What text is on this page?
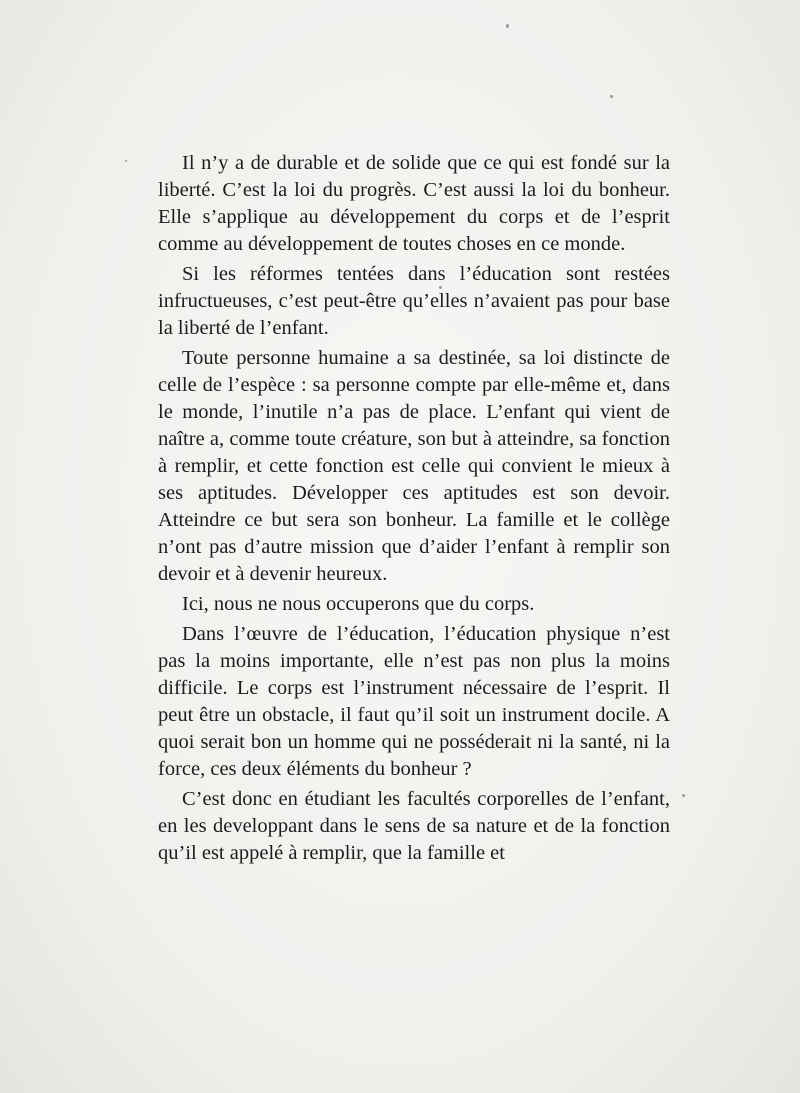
Il n’y a de durable et de solide que ce qui est fondé sur la liberté. C’est la loi du progrès. C’est aussi la loi du bonheur. Elle s’applique au développement du corps et de l’esprit comme au développement de toutes choses en ce monde.

Si les réformes tentées dans l’éducation sont restées infructueuses, c’est peut-être qu’elles n’avaient pas pour base la liberté de l’enfant.

Toute personne humaine a sa destinée, sa loi distincte de celle de l’espèce : sa personne compte par elle-même et, dans le monde, l’inutile n’a pas de place. L’enfant qui vient de naître a, comme toute créature, son but à atteindre, sa fonction à remplir, et cette fonction est celle qui convient le mieux à ses aptitudes. Développer ces aptitudes est son devoir. Atteindre ce but sera son bonheur. La famille et le collège n’ont pas d’autre mission que d’aider l’enfant à remplir son devoir et à devenir heureux.

Ici, nous ne nous occuperons que du corps.

Dans l’œuvre de l’éducation, l’éducation physique n’est pas la moins importante, elle n’est pas non plus la moins difficile. Le corps est l’instrument nécessaire de l’esprit. Il peut être un obstacle, il faut qu’il soit un instrument docile. A quoi serait bon un homme qui ne posséderait ni la santé, ni la force, ces deux éléments du bonheur ?

C’est donc en étudiant les facultés corporelles de l’enfant, en les developpant dans le sens de sa nature et de la fonction qu’il est appelé à remplir, que la famille et
